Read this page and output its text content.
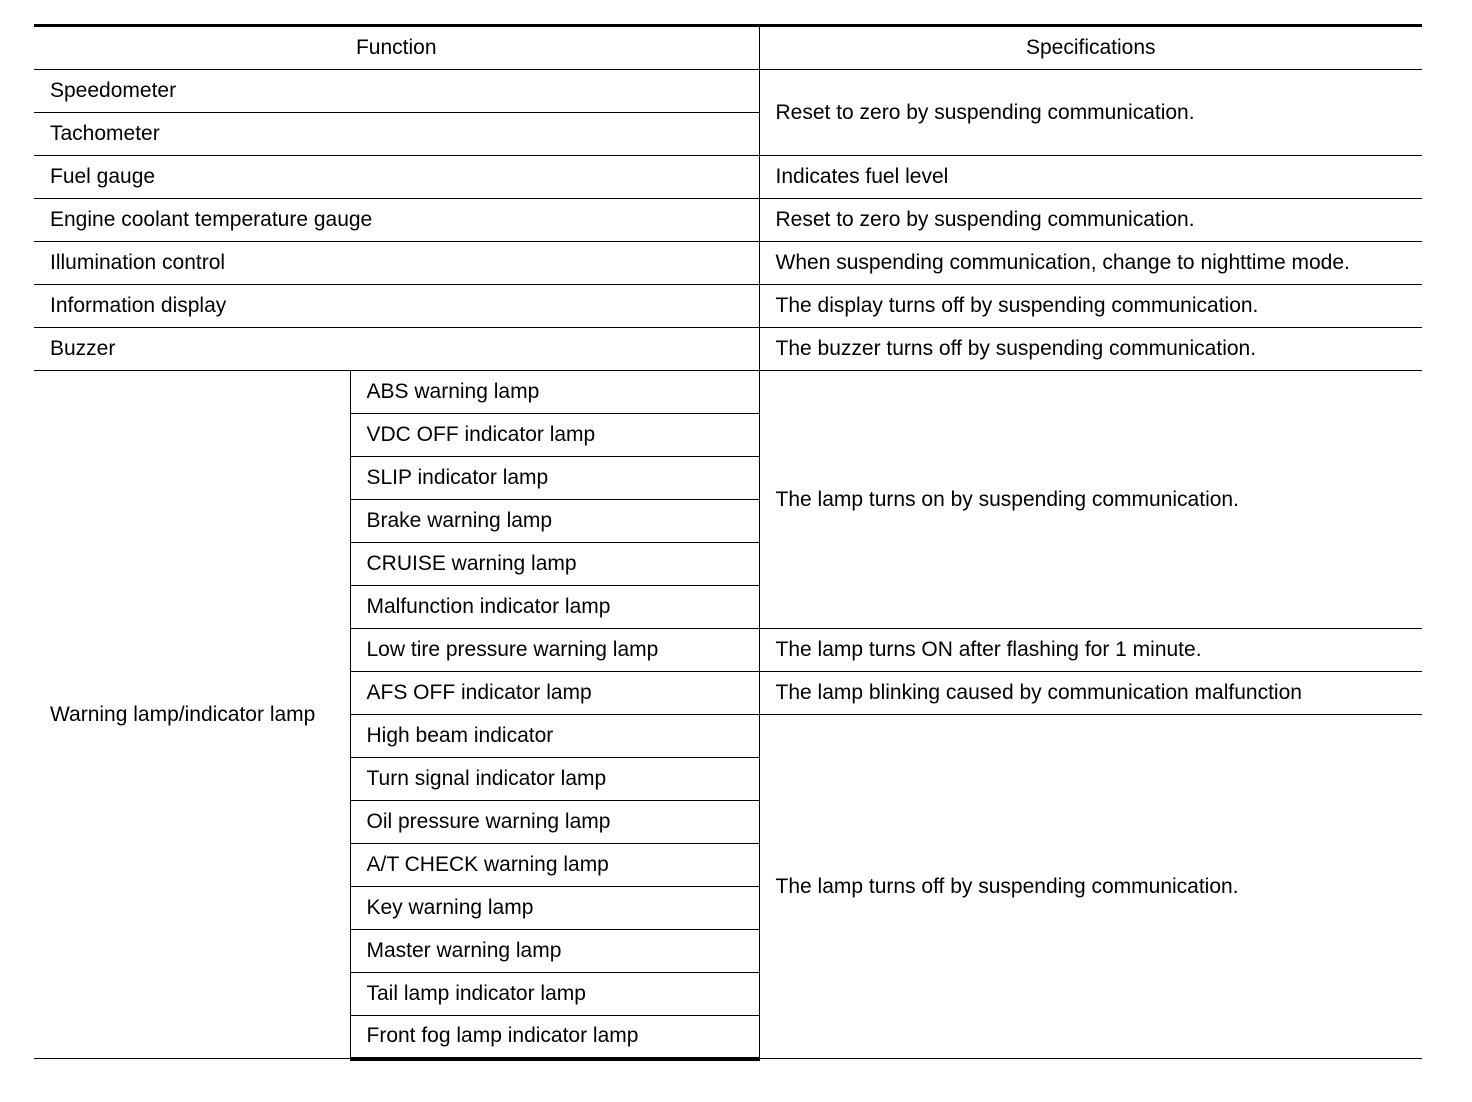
Function		Specifications
Speedometer		Reset to zero by suspending communication.
Tachometer		
Fuel gauge		Indicates fuel level
Engine coolant temperature gauge		Reset to zero by suspending communication.
Illumination control		When suspending communication, change to nighttime mode.
Information display		The display turns off by suspending communication.
Buzzer		The buzzer turns off by suspending communication.
Warning lamp/indicator lamp	ABS warning lamp	The lamp turns on by suspending communication.
	VDC OFF indicator lamp	
	SLIP indicator lamp	
	Brake warning lamp	
	CRUISE warning lamp	
	Malfunction indicator lamp	
	Low tire pressure warning lamp	The lamp turns ON after flashing for 1 minute.
	AFS OFF indicator lamp	The lamp blinking caused by communication malfunction
	High beam indicator	The lamp turns off by suspending communication.
	Turn signal indicator lamp	
	Oil pressure warning lamp	
	A/T CHECK warning lamp	
	Key warning lamp	
	Master warning lamp	
	Tail lamp indicator lamp	
	Front fog lamp indicator lamp	
